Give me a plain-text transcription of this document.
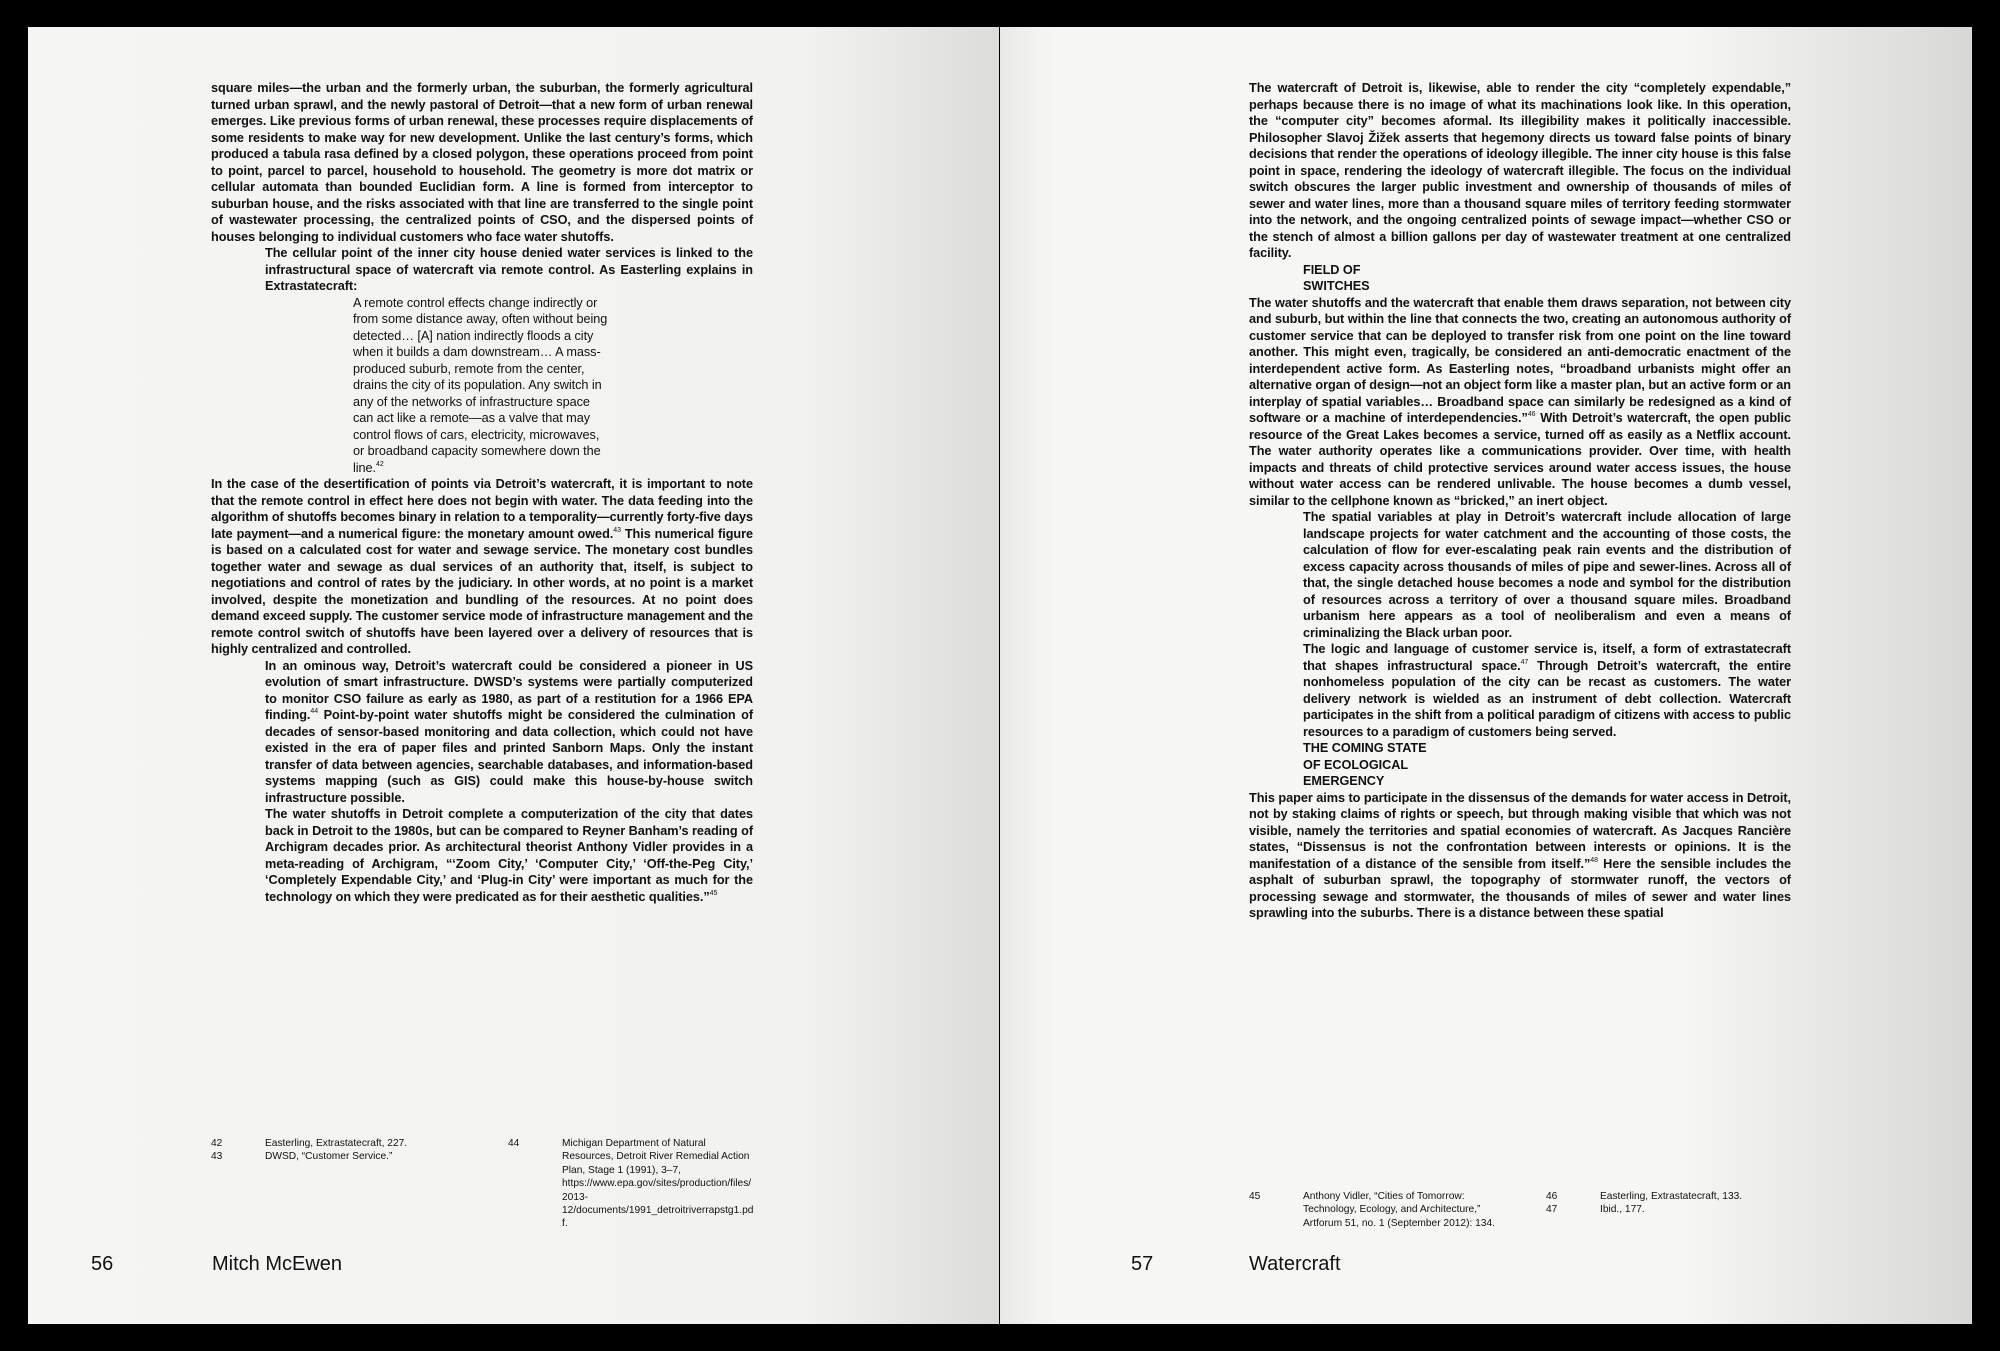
square miles—the urban and the formerly urban, the suburban, the formerly agricultural turned urban sprawl, and the newly pastoral of Detroit—that a new form of urban renewal emerges. Like previous forms of urban renewal, these processes require displacements of some residents to make way for new development. Unlike the last century’s forms, which produced a tabula rasa defined by a closed polygon, these operations proceed from point to point, parcel to parcel, household to household. The geometry is more dot matrix or cellular automata than bounded Euclidian form. A line is formed from interceptor to suburban house, and the risks associated with that line are transferred to the single point of wastewater processing, the centralized points of CSO, and the dispersed points of houses belonging to individual customers who face water shutoffs.

The cellular point of the inner city house denied water services is linked to the infrastructural space of watercraft via remote control. As Easterling explains in Extrastatecraft:

A remote control effects change indirectly or from some distance away, often without being detected… [A] nation indirectly floods a city when it builds a dam downstream… A mass-produced suburb, remote from the center, drains the city of its population. Any switch in any of the networks of infrastructure space can act like a remote—as a valve that may control flows of cars, electricity, microwaves, or broadband capacity somewhere down the line.$^{42}$

In the case of the desertification of points via Detroit’s watercraft, it is important to note that the remote control in effect here does not begin with water. The data feeding into the algorithm of shutoffs becomes binary in relation to a temporality—currently forty-five days late payment—and a numerical figure: the monetary amount owed.$^{43}$ This numerical figure is based on a calculated cost for water and sewage service. The monetary cost bundles together water and sewage as dual services of an authority that, itself, is subject to negotiations and control of rates by the judiciary. In other words, at no point is a market involved, despite the monetization and bundling of the resources. At no point does demand exceed supply. The customer service mode of infrastructure management and the remote control switch of shutoffs have been layered over a delivery of resources that is highly centralized and controlled.

In an ominous way, Detroit’s watercraft could be considered a pioneer in US evolution of smart infrastructure. DWSD’s systems were partially computerized to monitor CSO failure as early as 1980, as part of a restitution for a 1966 EPA finding.$^{44}$ Point-by-point water shutoffs might be considered the culmination of decades of sensor-based monitoring and data collection, which could not have existed in the era of paper files and printed Sanborn Maps. Only the instant transfer of data between agencies, searchable databases, and information-based systems mapping (such as GIS) could make this house-by-house switch infrastructure possible.

The water shutoffs in Detroit complete a computerization of the city that dates back in Detroit to the 1980s, but can be compared to Reyner Banham’s reading of Archigram decades prior. As architectural theorist Anthony Vidler provides in a meta-reading of Archigram, “‘Zoom City,’ ‘Computer City,’ ‘Off-the-Peg City,’ ‘Completely Expendable City,’ and ‘Plug-in City’ were important as much for the technology on which they were predicated as for their aesthetic qualities.”$^{45}$

42	Easterling, Extrastatecraft, 227.
43	DWSD, “Customer Service.”
44	Michigan Department of Natural Resources, Detroit River Remedial Action Plan, Stage 1 (1991), 3–7, https://www.epa.gov/sites/production/files/2013-12/documents/1991_detroitriverrapstg1.pdf.
56	Mitch McEwen

The watercraft of Detroit is, likewise, able to render the city “completely expendable,” perhaps because there is no image of what its machinations look like. In this operation, the “computer city” becomes aformal. Its illegibility makes it politically inaccessible. Philosopher Slavoj Žižek asserts that hegemony directs us toward false points of binary decisions that render the operations of ideology illegible. The inner city house is this false point in space, rendering the ideology of watercraft illegible. The focus on the individual switch obscures the larger public investment and ownership of thousands of miles of sewer and water lines, more than a thousand square miles of territory feeding stormwater into the network, and the ongoing centralized points of sewage impact—whether CSO or the stench of almost a billion gallons per day of wastewater treatment at one centralized facility.

FIELD OF
SWITCHES

The water shutoffs and the watercraft that enable them draws separation, not between city and suburb, but within the line that connects the two, creating an autonomous authority of customer service that can be deployed to transfer risk from one point on the line toward another. This might even, tragically, be considered an anti-democratic enactment of the interdependent active form. As Easterling notes, “broadband urbanists might offer an alternative organ of design—not an object form like a master plan, but an active form or an interplay of spatial variables… Broadband space can similarly be redesigned as a kind of software or a machine of interdependencies.”$^{46}$ With Detroit’s watercraft, the open public resource of the Great Lakes becomes a service, turned off as easily as a Netflix account. The water authority operates like a communications provider. Over time, with health impacts and threats of child protective services around water access issues, the house without water access can be rendered unlivable. The house becomes a dumb vessel, similar to the cellphone known as “bricked,” an inert object.

The spatial variables at play in Detroit’s watercraft include allocation of large landscape projects for water catchment and the accounting of those costs, the calculation of flow for ever-escalating peak rain events and the distribution of excess capacity across thousands of miles of pipe and sewer-lines. Across all of that, the single detached house becomes a node and symbol for the distribution of resources across a territory of over a thousand square miles. Broadband urbanism here appears as a tool of neoliberalism and even a means of criminalizing the Black urban poor.

The logic and language of customer service is, itself, a form of extrastatecraft that shapes infrastructural space.$^{47}$ Through Detroit’s watercraft, the entire nonhomeless population of the city can be recast as customers. The water delivery network is wielded as an instrument of debt collection. Watercraft participates in the shift from a political paradigm of citizens with access to public resources to a paradigm of customers being served.

THE COMING STATE
OF ECOLOGICAL
EMERGENCY

This paper aims to participate in the dissensus of the demands for water access in Detroit, not by staking claims of rights or speech, but through making visible that which was not visible, namely the territories and spatial economies of watercraft. As Jacques Rancière states, “Dissensus is not the confrontation between interests or opinions. It is the manifestation of a distance of the sensible from itself.”$^{48}$ Here the sensible includes the asphalt of suburban sprawl, the topography of stormwater runoff, the vectors of processing sewage and stormwater, the thousands of miles of sewer and water lines sprawling into the suburbs. There is a distance between these spatial

45	Anthony Vidler, “Cities of Tomorrow: Technology, Ecology, and Architecture,” Artforum 51, no. 1 (September 2012): 134.
46	Easterling, Extrastatecraft, 133.
47	Ibid., 177.
57	Watercraft
